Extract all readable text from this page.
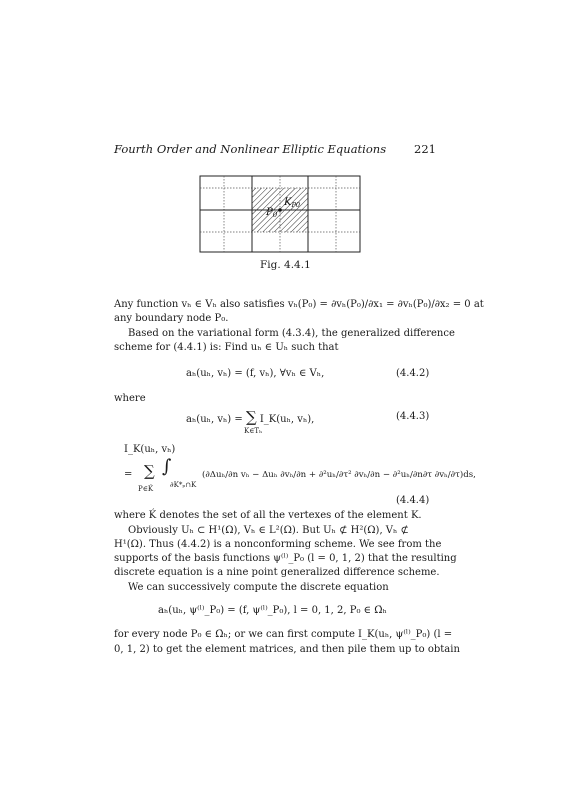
Fourth Order and Nonlinear Elliptic Equations 221
$P_0$
$K_{P0}$
Fig. 4.4.1
Any function vₕ ∈ Vₕ also satisfies vₕ(P₀) = ∂vₕ(P₀)/∂x₁ = ∂vₕ(P₀)/∂x₂ = 0 at
any boundary node P₀.
Based on the variational form (4.3.4), the generalized difference
scheme for (4.4.1) is: Find uₕ ∈ Uₕ such that
aₕ(uₕ, vₕ) = (f, vₕ), ∀vₕ ∈ Vₕ,	(4.4.2)
where
aₕ(uₕ, vₕ) = ∑ I_K(uₕ, vₕ),
K∈Tₕ
(4.4.3)
I_K(uₕ, vₕ)
= ∑
P∈Ḱ
∫
∂K*ₚ∩K
(∂Δuₕ/∂n vₕ − Δuₕ ∂vₕ/∂n + ∂²uₕ/∂τ² ∂vₕ/∂n − ∂²uₕ/∂n∂τ ∂vₕ/∂τ)ds,
(4.4.4)
where Ḱ denotes the set of all the vertexes of the element K.
Obviously Uₕ ⊂ H¹(Ω), Vₕ ∈ L²(Ω). But Uₕ ⊄ H²(Ω), Vₕ ⊄
H¹(Ω). Thus (4.4.2) is a nonconforming scheme. We see from the
supports of the basis functions ψ⁽ˡ⁾_P₀ (l = 0, 1, 2) that the resulting
discrete equation is a nine point generalized difference scheme.
We can successively compute the discrete equation
aₕ(uₕ, ψ⁽ˡ⁾_P₀) = (f, ψ⁽ˡ⁾_P₀), l = 0, 1, 2, P₀ ∈ Ω̇ₕ
for every node P₀ ∈ Ω̇ₕ; or we can first compute I_K(uₕ, ψ⁽ˡ⁾_P₀) (l =
0, 1, 2) to get the element matrices, and then pile them up to obtain
